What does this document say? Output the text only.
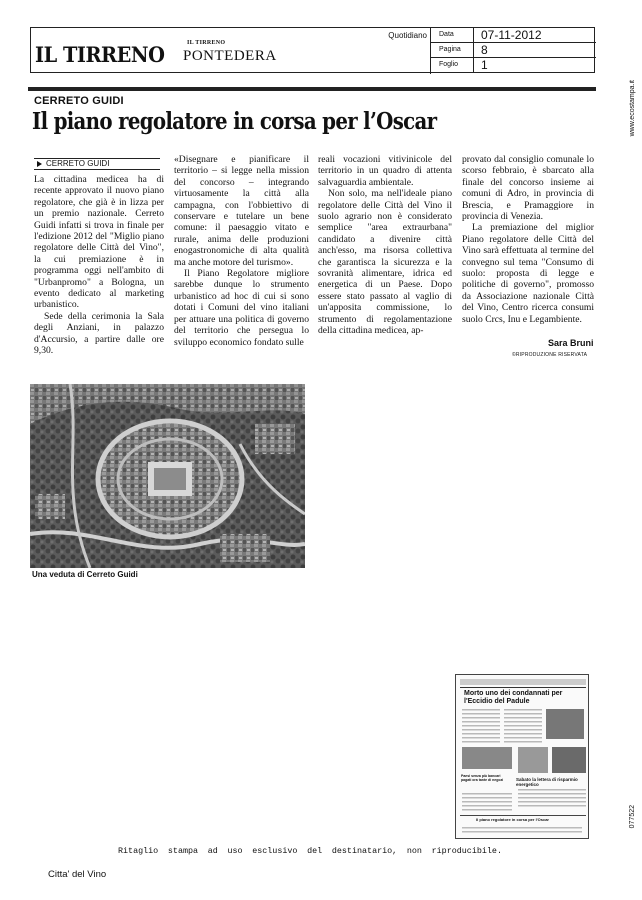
IL TIRRENO	IL TIRRENO
PONTEDERA
Quotidiano Data 07-11-2012
Pagina 8
Foglio 1
www.ecostampa.it
077522
CERRETO GUIDI
Il piano regolatore in corsa per l’Oscar
CERRETO GUIDI

La cittadina medicea ha di recente approvato il nuovo piano regolatore, che già è in lizza per un premio nazionale. Cerreto Guidi infatti si trova in finale per l'edizione 2012 del "Miglio piano regolatore delle Città del Vino", la cui premiazione è in programma oggi nell'ambito di "Urbanpromo" a Bologna, un evento dedicato al marketing urbanistico.

Sede della cerimonia la Sala degli Anziani, in palazzo d'Accursio, a partire dalle ore 9,30.

«Disegnare e pianificare il territorio – si legge nella mission del concorso – integrando virtuosamente la città alla campagna, con l'obbiettivo di conservare e tutelare un bene comune: il paesaggio vitato e rurale, anima delle produzioni enogastronomiche di alta qualità ma anche motore del turismo».

Il Piano Regolatore migliore sarebbe dunque lo strumento urbanistico ad hoc di cui si sono dotati i Comuni del vino italiani per attuare una politica di governo del territorio che persegua lo sviluppo economico fondato sulle

reali vocazioni vitivinicole del territorio in un quadro di attenta salvaguardia ambientale.

Non solo, ma nell'ideale piano regolatore delle Città del Vino il suolo agrario non è considerato semplice "area extraurbana" candidato a divenire città anch'esso, ma risorsa collettiva che garantisca la sicurezza e la sovranità alimentare, idrica ed energetica di un Paese. Dopo essere stato passato al vaglio di un'apposita commissione, lo strumento di regolamentazione della cittadina medicea, ap-

provato dal consiglio comunale lo scorso febbraio, è sbarcato alla finale del concorso insieme ai comuni di Adro, in provincia di Brescia, e Pramaggiore in provincia di Venezia.

La premiazione del miglior Piano regolatore delle Città del Vino sarà effettuata al termine del convegno sul tema "Consumo di suolo: proposta di legge e politiche di governo", promosso da Associazione nazionale Città del Vino, Centro ricerca consumi suolo Crcs, Inu e Legambiente.

Sara Bruni
©RIPRODUZIONE RISERVATA
Una veduta di Cerreto Guidi
Morto uno dei condannati per l'Eccidio del Padule
Paesi senza più bancari pagati ora tante di negozi	Sabato la lettera di risparmio energetico
Il piano regolatore in corsa per l'Oscar
Ritaglio stampa ad uso esclusivo del destinatario, non riproducibile.
Citta' del Vino
